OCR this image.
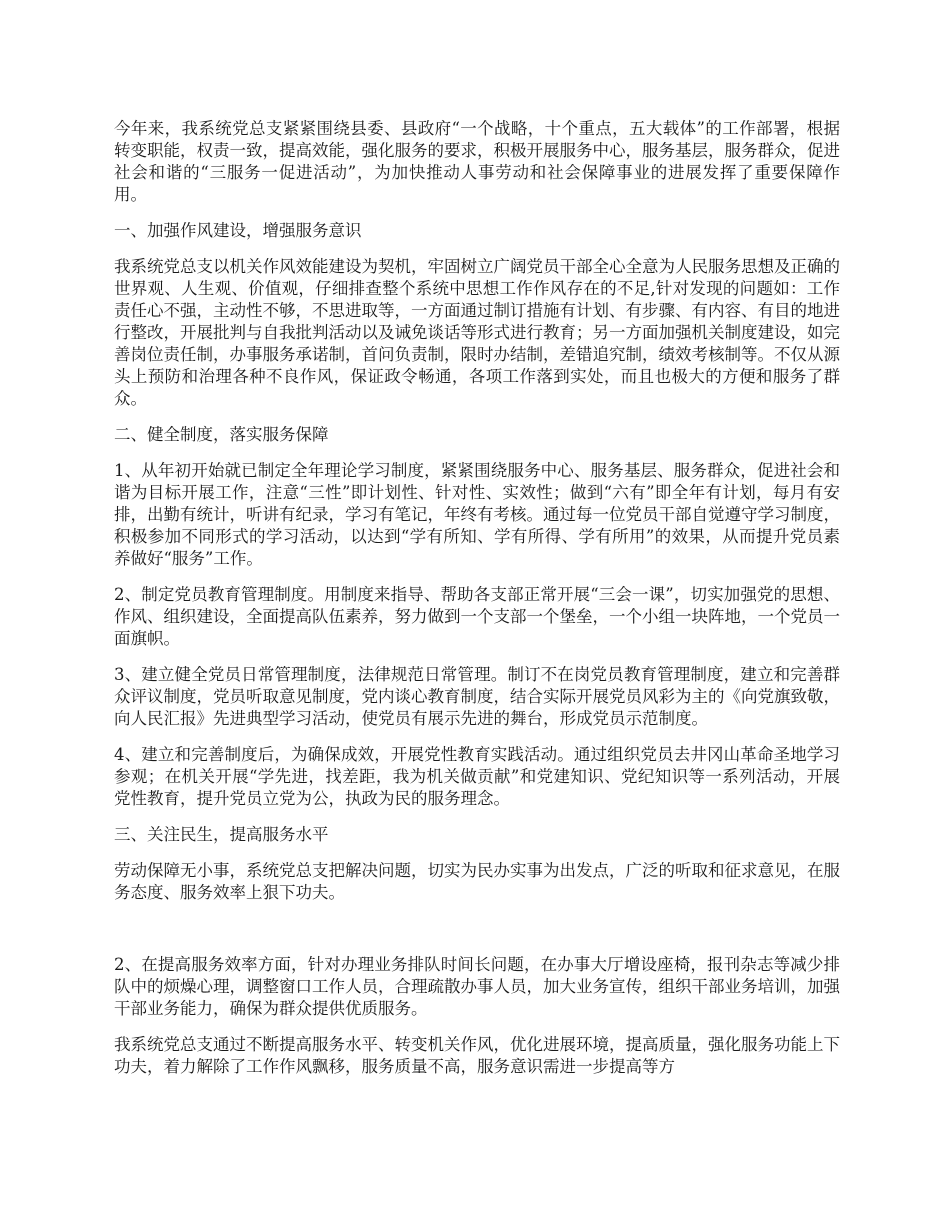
今年来，我系统党总支紧紧围绕县委、县政府“一个战略，十个重点，五大载体”的工作部署，根据转变职能，权责一致，提高效能，强化服务的要求，积极开展服务中心，服务基层，服务群众，促进社会和谐的“三服务一促进活动”，为加快推动人事劳动和社会保障事业的进展发挥了重要保障作用。

一、加强作风建设，增强服务意识

我系统党总支以机关作风效能建设为契机，牢固树立广阔党员干部全心全意为人民服务思想及正确的世界观、人生观、价值观，仔细排查整个系统中思想工作作风存在的不足,针对发现的问题如：工作责任心不强，主动性不够，不思进取等，一方面通过制订措施有计划、有步骤、有内容、有目的地进行整改，开展批判与自我批判活动以及诫免谈话等形式进行教育；另一方面加强机关制度建设，如完善岗位责任制，办事服务承诺制，首问负责制，限时办结制，差错追究制，绩效考核制等。不仅从源头上预防和治理各种不良作风，保证政令畅通，各项工作落到实处，而且也极大的方便和服务了群众。

二、健全制度，落实服务保障

1、从年初开始就已制定全年理论学习制度，紧紧围绕服务中心、服务基层、服务群众，促进社会和谐为目标开展工作，注意“三性”即计划性、针对性、实效性；做到“六有”即全年有计划，每月有安排，出勤有统计，听讲有纪录，学习有笔记，年终有考核。通过每一位党员干部自觉遵守学习制度，积极参加不同形式的学习活动，以达到“学有所知、学有所得、学有所用”的效果，从而提升党员素养做好“服务”工作。

2、制定党员教育管理制度。用制度来指导、帮助各支部正常开展“三会一课”，切实加强党的思想、作风、组织建设，全面提高队伍素养，努力做到一个支部一个堡垒，一个小组一块阵地，一个党员一面旗帜。

3、建立健全党员日常管理制度，法律规范日常管理。制订不在岗党员教育管理制度，建立和完善群众评议制度，党员听取意见制度，党内谈心教育制度，结合实际开展党员风彩为主的《向党旗致敬，向人民汇报》先进典型学习活动，使党员有展示先进的舞台，形成党员示范制度。

4、建立和完善制度后，为确保成效，开展党性教育实践活动。通过组织党员去井冈山革命圣地学习参观；在机关开展“学先进，找差距，我为机关做贡献”和党建知识、党纪知识等一系列活动，开展党性教育，提升党员立党为公，执政为民的服务理念。

三、关注民生，提高服务水平

劳动保障无小事，系统党总支把解决问题，切实为民办实事为出发点，广泛的听取和征求意见，在服务态度、服务效率上狠下功夫。

2、在提高服务效率方面，针对办理业务排队时间长问题，在办事大厅增设座椅，报刊杂志等减少排队中的烦燥心理，调整窗口工作人员，合理疏散办事人员，加大业务宣传，组织干部业务培训，加强干部业务能力，确保为群众提供优质服务。

我系统党总支通过不断提高服务水平、转变机关作风，优化进展环境，提高质量，强化服务功能上下功夫，着力解除了工作作风飘移，服务质量不高，服务意识需进一步提高等方
